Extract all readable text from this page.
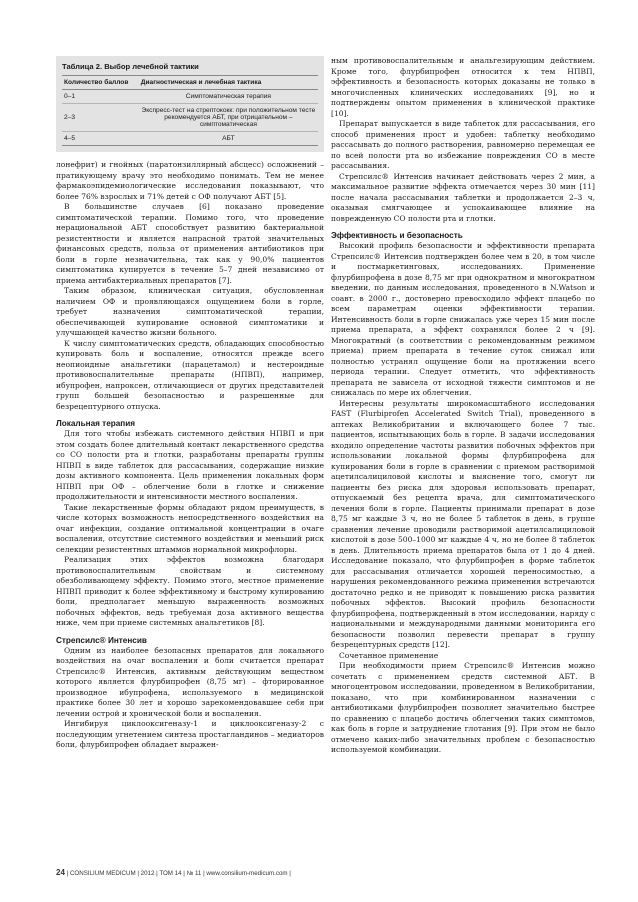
Таблица 2. Выбор лечебной тактики
Количество баллов	Диагностическая и лечебная тактика
0–1	Симптоматическая терапия
2–3	Экспресс-тест на стрептококк: при положительном тесте рекомендуется АБТ, при отрицательном – симптоматическая
4–5	АБТ

лонефрит) и гнойных (паратонзиллярный абсцесс) осложнений – пратикующему врачу это необходимо понимать. Тем не менее фармакоэпидемиологические исследования показывают, что более 76% взрослых и 71% детей с ОФ получают АБТ [5].

В большинстве случаев [6] показано проведение симптоматической терапии. Помимо того, что проведение нерациональной АБТ способствует развитию бактериальной резистентности и является напрасной тратой значительных финансовых средств, польза от применения антибиотиков при боли в горле незначительна, так как у 90,0% пациентов симптоматика купируется в течение 5–7 дней независимо от приема антибактериальных препаратов [7].

Таким образом, клиническая ситуация, обусловленная наличием ОФ и проявляющаяся ощущением боли в горле, требует назначения симптоматической терапии, обеспечивающей купирование основной симптоматики и улучшающей качество жизни больного.

К числу симптоматических средств, обладающих способностью купировать боль и воспаление, относятся прежде всего неопиоидные анальгетики (парацетамол) и нестероидные противовоспалительные препараты (НПВП), например, ибупрофен, напроксен, отличающиеся от других представителей групп большей безопасностью и разрешенные для безрецептурного отпуска.

Локальная терапия

Для того чтобы избежать системного действия НПВП и при этом создать более длительный контакт лекарственного средства со СО полости рта и глотки, разработаны препараты группы НПВП в виде таблеток для рассасывания, содержащие низкие дозы активного компонента. Цель применения локальных форм НПВП при ОФ – облегчение боли в глотке и снижение продолжительности и интенсивности местного воспаления.

Такие лекарственные формы обладают рядом преимуществ, в числе которых возможность непосредственного воздействия на очаг инфекции, создание оптимальной концентрации в очаге воспаления, отсутствие системного воздействия и меньший риск селекции резистентных штаммов нормальной микрофлоры.

Реализация этих эффектов возможна благодаря противовоспалительным свойствам и системному обезболивающему эффекту. Помимо этого, местное применение НПВП приводит к более эффективному и быстрому купированию боли, предполагает меньшую выраженность возможных побочных эффектов, ведь требуемая доза активного вещества ниже, чем при приеме системных анальгетиков [8].

Стрепсилс® Интенсив

Одним из наиболее безопасных препаратов для локального воздействия на очаг воспаления и боли считается препарат Стрепсилс® Интенсив, активным действующим веществом которого является флурбипрофен (8,75 мг) – фторированное производное ибупрофена, используемого в медицинской практике более 30 лет и хорошо зарекомендовавшее себя при лечении острой и хронической боли и воспаления.

Ингибируя циклооксигеназу-1 и циклооксигеназу-2 с последующим угнетением синтеза простагландинов – медиаторов боли, флурбипрофен обладает выражен-

ным противовоспалительным и анальгезирующим действием. Кроме того, флурбипрофен относится к тем НПВП, эффективность и безопасность которых доказаны не только в многочисленных клинических исследованиях [9], но и подтверждены опытом применения в клинической практике [10].

Препарат выпускается в виде таблеток для рассасывания, его способ применения прост и удобен: таблетку необходимо рассасывать до полного растворения, равномерно перемещая ее по всей полости рта во избежание повреждения СО в месте рассасывания.

Стрепсилс® Интенсив начинает действовать через 2 мин, а максимальное развитие эффекта отмечается через 30 мин [11] после начала рассасывания таблетки и продолжается 2–3 ч, оказывая смягчающее и успокаивающее влияние на поврежденную СО полости рта и глотки.

Эффективность и безопасность

Высокий профиль безопасности и эффективности препарата Стрепсилс® Интенсив подтвержден более чем в 20, в том числе и постмаркетинговых, исследованиях. Применение флурбипрофена в дозе 8,75 мг при однократном и многократном введении, по данным исследования, проведенного в N.Watson и соавт. в 2000 г., достоверно превосходило эффект плацебо по всем параметрам оценки эффективности терапии. Интенсивность боли в горле снижалась уже через 15 мин после приема препарата, а эффект сохранялся более 2 ч [9]. Многократный (в соответствии с рекомендованным режимом приема) прием препарата в течение суток снижал или полностью устранял ощущение боли на протяжении всего периода терапии. Следует отметить, что эффективность препарата не зависела от исходной тяжести симптомов и не снижалась по мере их облегчения.

Интересны результаты широкомасштабного исследования FAST (Flurbiprofen Accelerated Switch Trial), проведенного в аптеках Великобритании и включающего более 7 тыс. пациентов, испытывающих боль в горле. В задачи исследования входило определение частоты развития побочных эффектов при использовании локальной формы флурбипрофена для купирования боли в горле в сравнении с приемом растворимой ацетилсалициловой кислоты и выяснение того, смогут ли пациенты без риска для здоровья использовать препарат, отпускаемый без рецепта врача, для симптоматического лечения боли в горле. Пациенты принимали препарат в дозе 8,75 мг каждые 3 ч, но не более 5 таблеток в день, в группе сравнения лечение проводили растворимой ацетилсалициловой кислотой в дозе 500–1000 мг каждые 4 ч, но не более 8 таблеток в день. Длительность приема препаратов была от 1 до 4 дней. Исследование показало, что флурбипрофен в форме таблеток для рассасывания отличается хорошей переносимостью, а нарушения рекомендованного режима применения встречаются достаточно редко и не приводят к повышению риска развития побочных эффектов. Высокий профиль безопасности флурбипрофена, подтвержденный в этом исследовании, наряду с национальными и международными данными мониторинга его безопасности позволил перевести препарат в группу безрецептурных средств [12].

Сочетанное применение

При необходимости прием Стрепсилс® Интенсив можно сочетать с применением средств системной АБТ. В многоцентровом исследовании, проведенном в Великобритании, показано, что при комбинированном назначении с антибиотиками флурбипрофен позволяет значительно быстрее по сравнению с плацебо достичь облегчения таких симптомов, как боль в горле и затруднение глотания [9]. При этом не было отмечено каких-либо значительных проблем с безопасностью используемой комбинации.

24 | CONSILIUM MEDICUM | 2012 | ТОМ 14 | № 11 | www.consilium-medicum.com |
